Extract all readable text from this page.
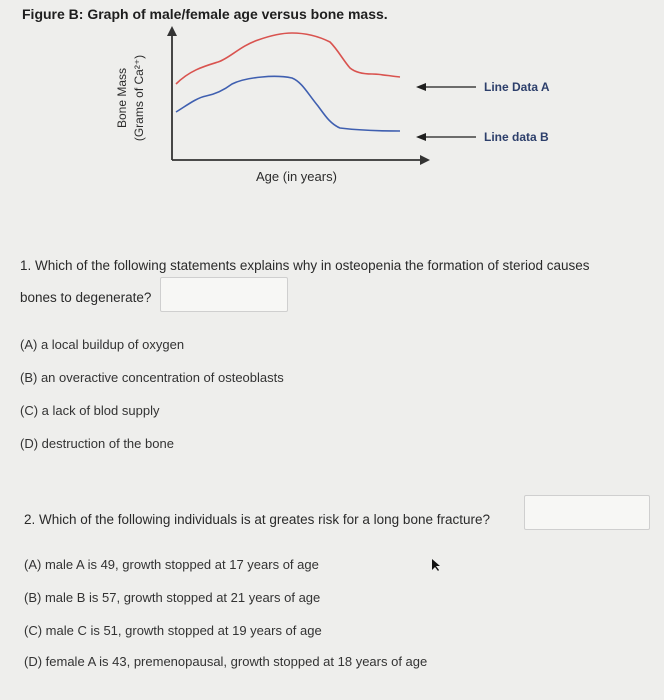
Figure B: Graph of male/female age versus bone mass.
Bone Mass (Grams of Ca²⁺)
Age (in years)
Line Data A
Line data B
1. Which of the following statements explains why in osteopenia the formation of steriod causes
bones to degenerate?
(A) a local buildup of oxygen
(B) an overactive concentration of osteoblasts
(C) a lack of blod supply
(D) destruction of the bone
2. Which of the following individuals is at greates risk for a long bone fracture?
(A) male A is 49, growth stopped at 17 years of age
(B) male B is 57, growth stopped at 21 years of age
(C) male C is 51, growth stopped at 19 years of age
(D) female A is 43, premenopausal, growth stopped at 18 years of age
